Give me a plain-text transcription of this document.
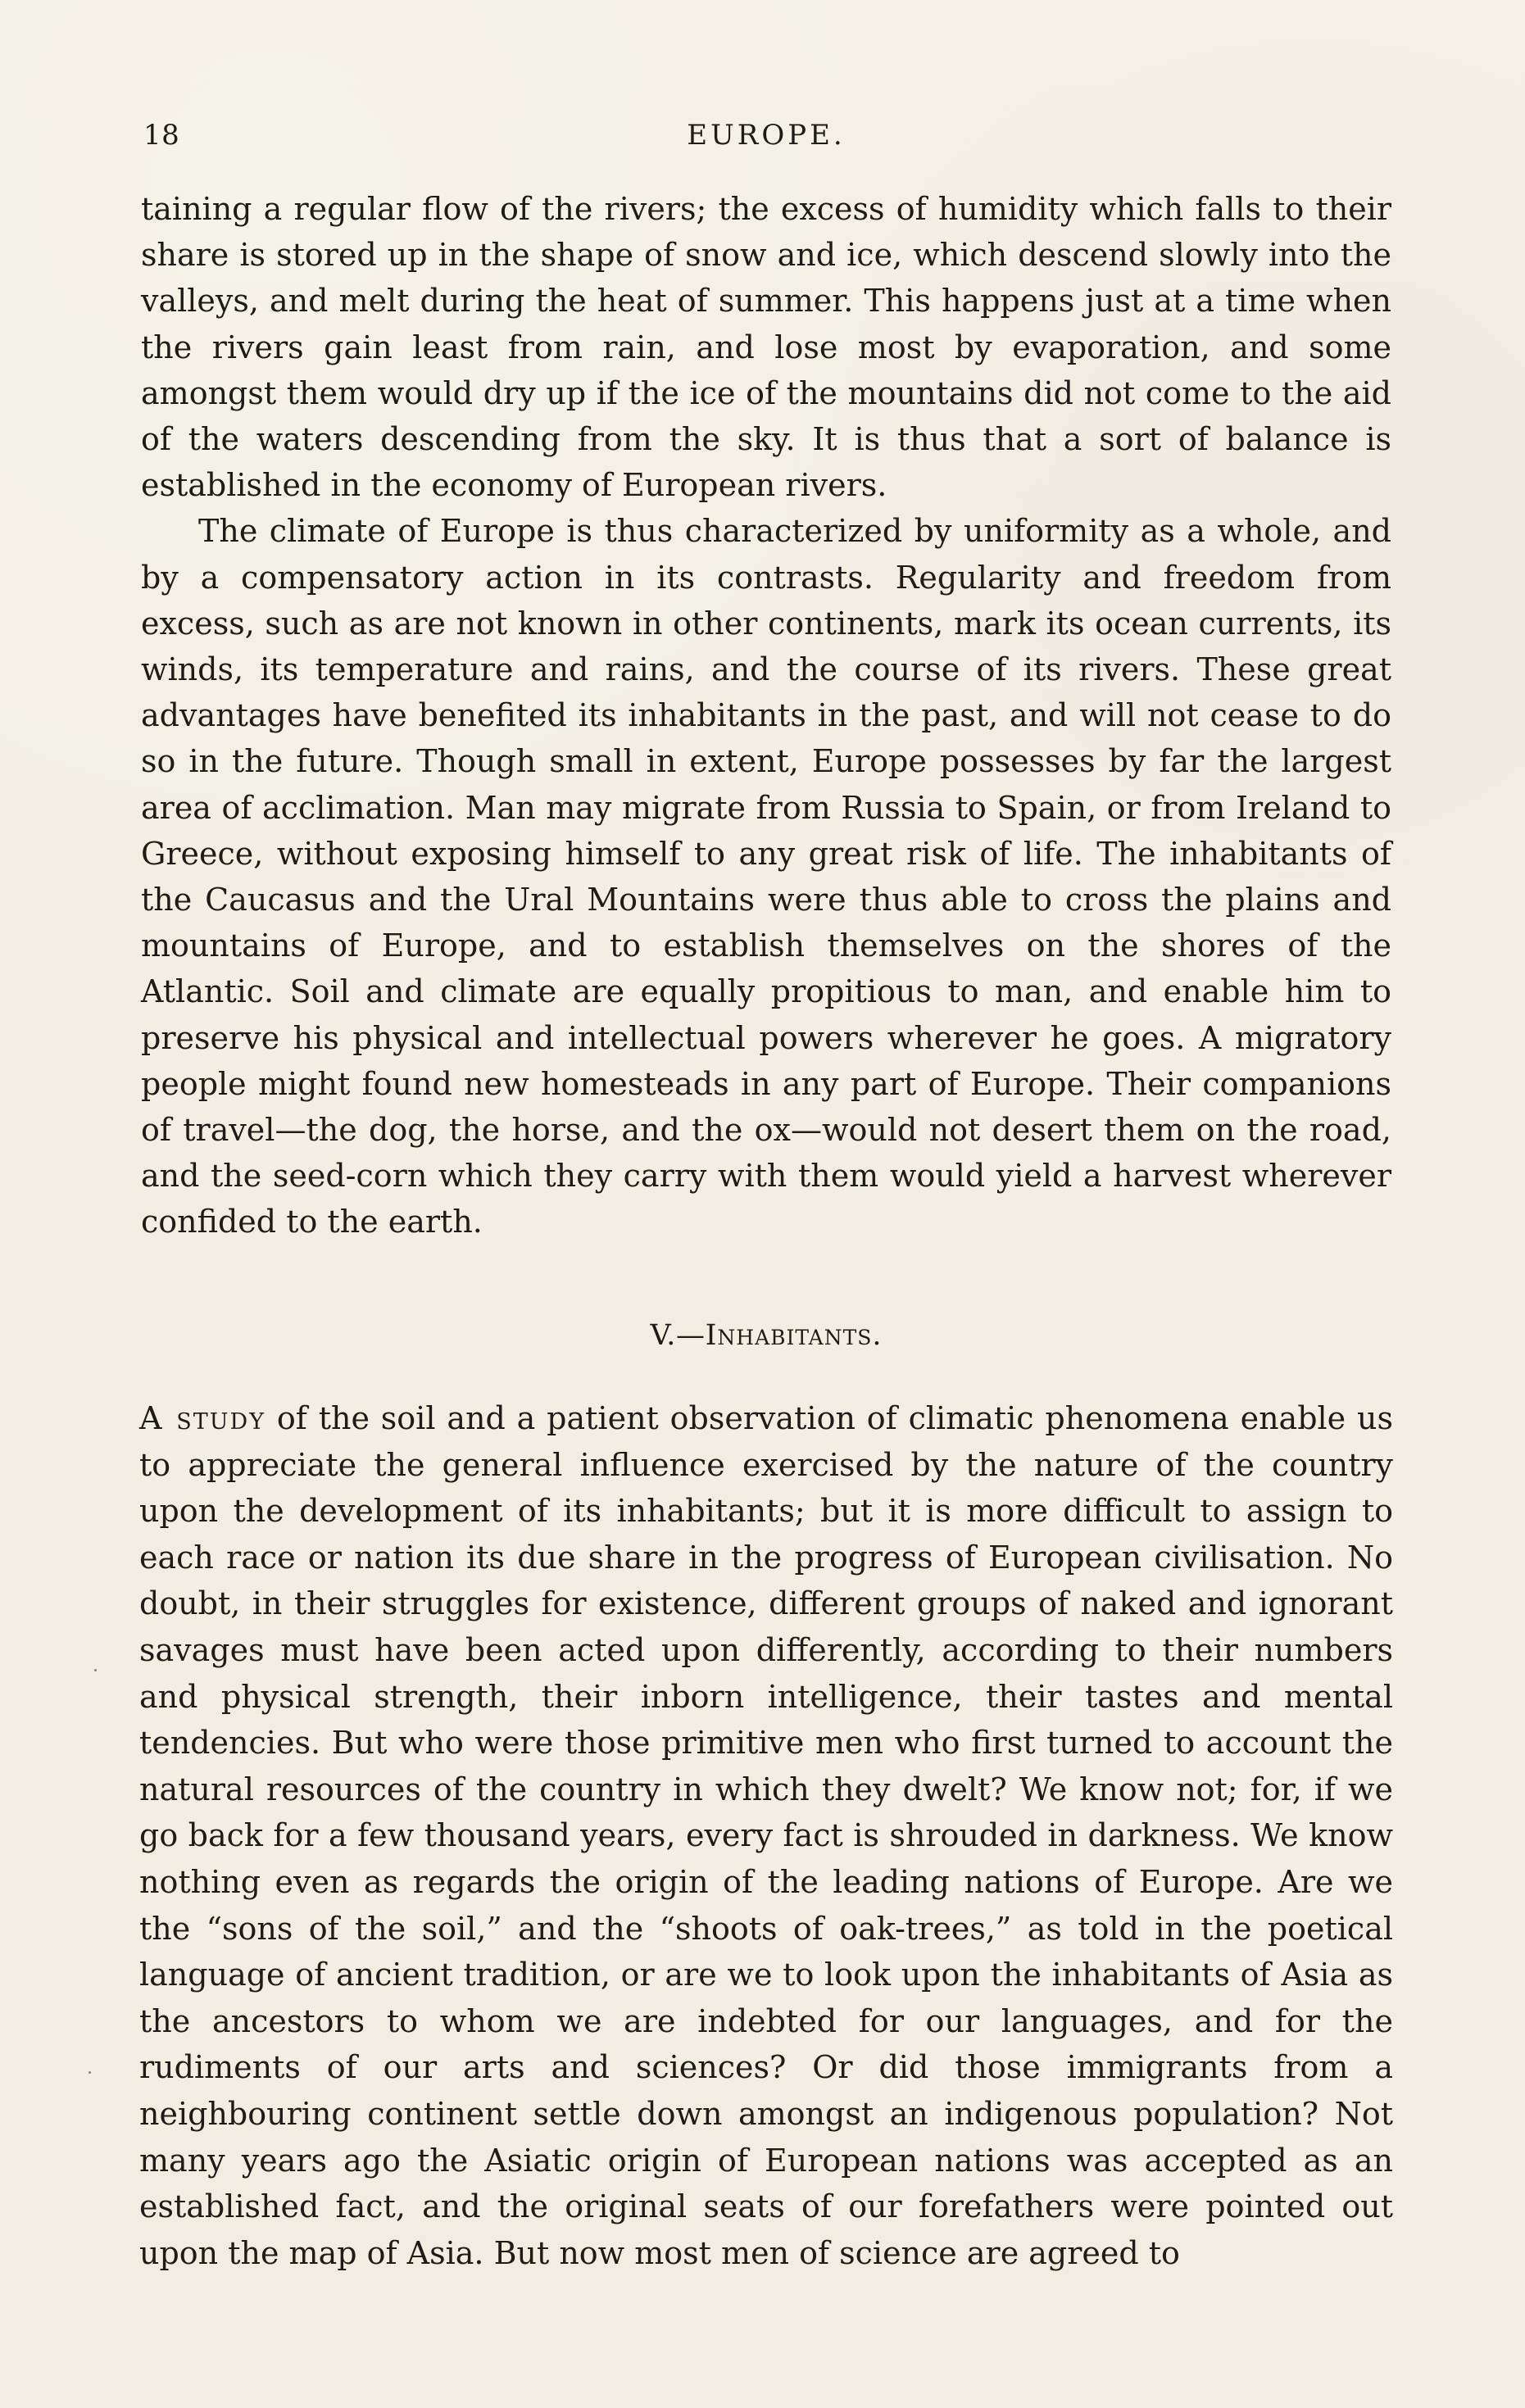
18	EUROPE.

taining a regular flow of the rivers; the excess of humidity which falls to their share is stored up in the shape of snow and ice, which descend slowly into the valleys, and melt during the heat of summer. This happens just at a time when the rivers gain least from rain, and lose most by evaporation, and some amongst them would dry up if the ice of the mountains did not come to the aid of the waters descending from the sky. It is thus that a sort of balance is established in the economy of European rivers.

The climate of Europe is thus characterized by uniformity as a whole, and by a compensatory action in its contrasts. Regularity and freedom from excess, such as are not known in other continents, mark its ocean currents, its winds, its temperature and rains, and the course of its rivers. These great advantages have benefited its inhabitants in the past, and will not cease to do so in the future. Though small in extent, Europe possesses by far the largest area of acclimation. Man may migrate from Russia to Spain, or from Ireland to Greece, without exposing himself to any great risk of life. The inhabitants of the Caucasus and the Ural Mountains were thus able to cross the plains and mountains of Europe, and to establish themselves on the shores of the Atlantic. Soil and climate are equally propitious to man, and enable him to preserve his physical and intellectual powers wherever he goes. A migratory people might found new homesteads in any part of Europe. Their companions of travel—the dog, the horse, and the ox—would not desert them on the road, and the seed-corn which they carry with them would yield a harvest wherever confided to the earth.

V.—Inhabitants.

A study of the soil and a patient observation of climatic phenomena enable us to appreciate the general influence exercised by the nature of the country upon the development of its inhabitants; but it is more difficult to assign to each race or nation its due share in the progress of European civilisation. No doubt, in their struggles for existence, different groups of naked and ignorant savages must have been acted upon differently, according to their numbers and physical strength, their inborn intelligence, their tastes and mental tendencies. But who were those primitive men who first turned to account the natural resources of the country in which they dwelt? We know not; for, if we go back for a few thousand years, every fact is shrouded in darkness. We know nothing even as regards the origin of the leading nations of Europe. Are we the “sons of the soil,” and the “shoots of oak-trees,” as told in the poetical language of ancient tradition, or are we to look upon the inhabitants of Asia as the ancestors to whom we are indebted for our languages, and for the rudiments of our arts and sciences? Or did those immigrants from a neighbouring continent settle down amongst an indigenous population? Not many years ago the Asiatic origin of European nations was accepted as an established fact, and the original seats of our forefathers were pointed out upon the map of Asia. But now most men of science are agreed to
